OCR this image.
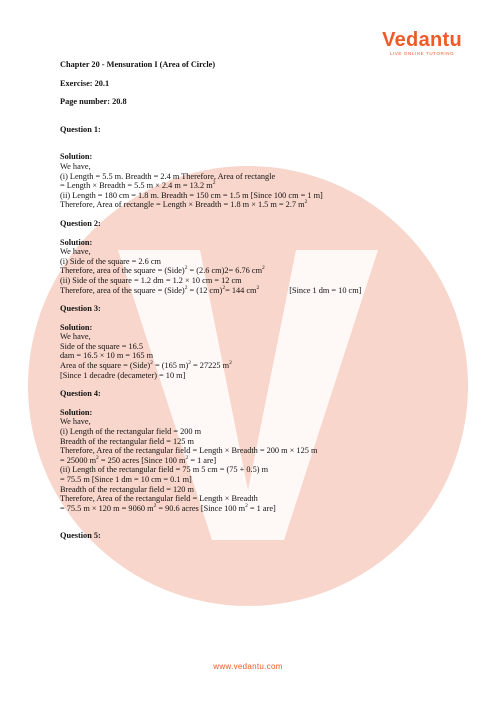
Vedantu
LIVE ONLINE TUTORING

Chapter 20 - Mensuration I (Area of Circle)

Exercise: 20.1

Page number: 20.8

Question 1:

Solution:

We have,

(i) Length = 5.5 m. Breadth = 2.4 m Therefore, Area of rectangle

= Length × Breadth = 5.5 m × 2.4 m = 13.2 $m^2$

(ii) Length = 180 cm = 1.8 m. Breadth = 150 cm = 1.5 m [Since 100 cm = 1 m]

Therefore, Area of rectangle = Length × Breadth = 1.8 m × 1.5 m = 2.7 $m^2$

Question 2:

Solution:

We have,

(i) Side of the square = 2.6 cm

Therefore, area of the square = (Side)$^2$ = (2.6 cm)2= 6.76 $cm^2$

(ii) Side of the square = 1.2 dm = 1.2 × 10 cm = 12 cm

Therefore, area of the square = (Side)$^2$ = (12 cm)$^2$= 144 $cm^2$	[Since 1 dm = 10 cm]

Question 3:

Solution:

We have,

Side of the square = 16.5

dam = 16.5 × 10 m = 165 m

Area of the square = (Side)$^2$ = (165 m)$^2$ = 27225 $m^2$

[Since 1 decadre (decameter) = 10 m]

Question 4:

Solution:

We have,

(i) Length of the rectangular field = 200 m

Breadth of the rectangular field = 125 m

Therefore, Area of the rectangular field = Length × Breadth = 200 m × 125 m

= 25000 $m^2 = 250$ acres [Since 100 $m^2 = 1$ are]

(ii) Length of the rectangular field = 75 m 5 cm = (75 + 0.5) m

= 75.5 m [Since 1 dm = 10 cm = 0.1 m]

Breadth of the rectangular field = 120 m

Therefore, Area of the rectangular field = Length × Breadth

= 75.5 m × 120 m = 9060 $m^2 = 90.6$ acres [Since 100 $m^2 = 1$ are]

Question 5:

www.vedantu.com
